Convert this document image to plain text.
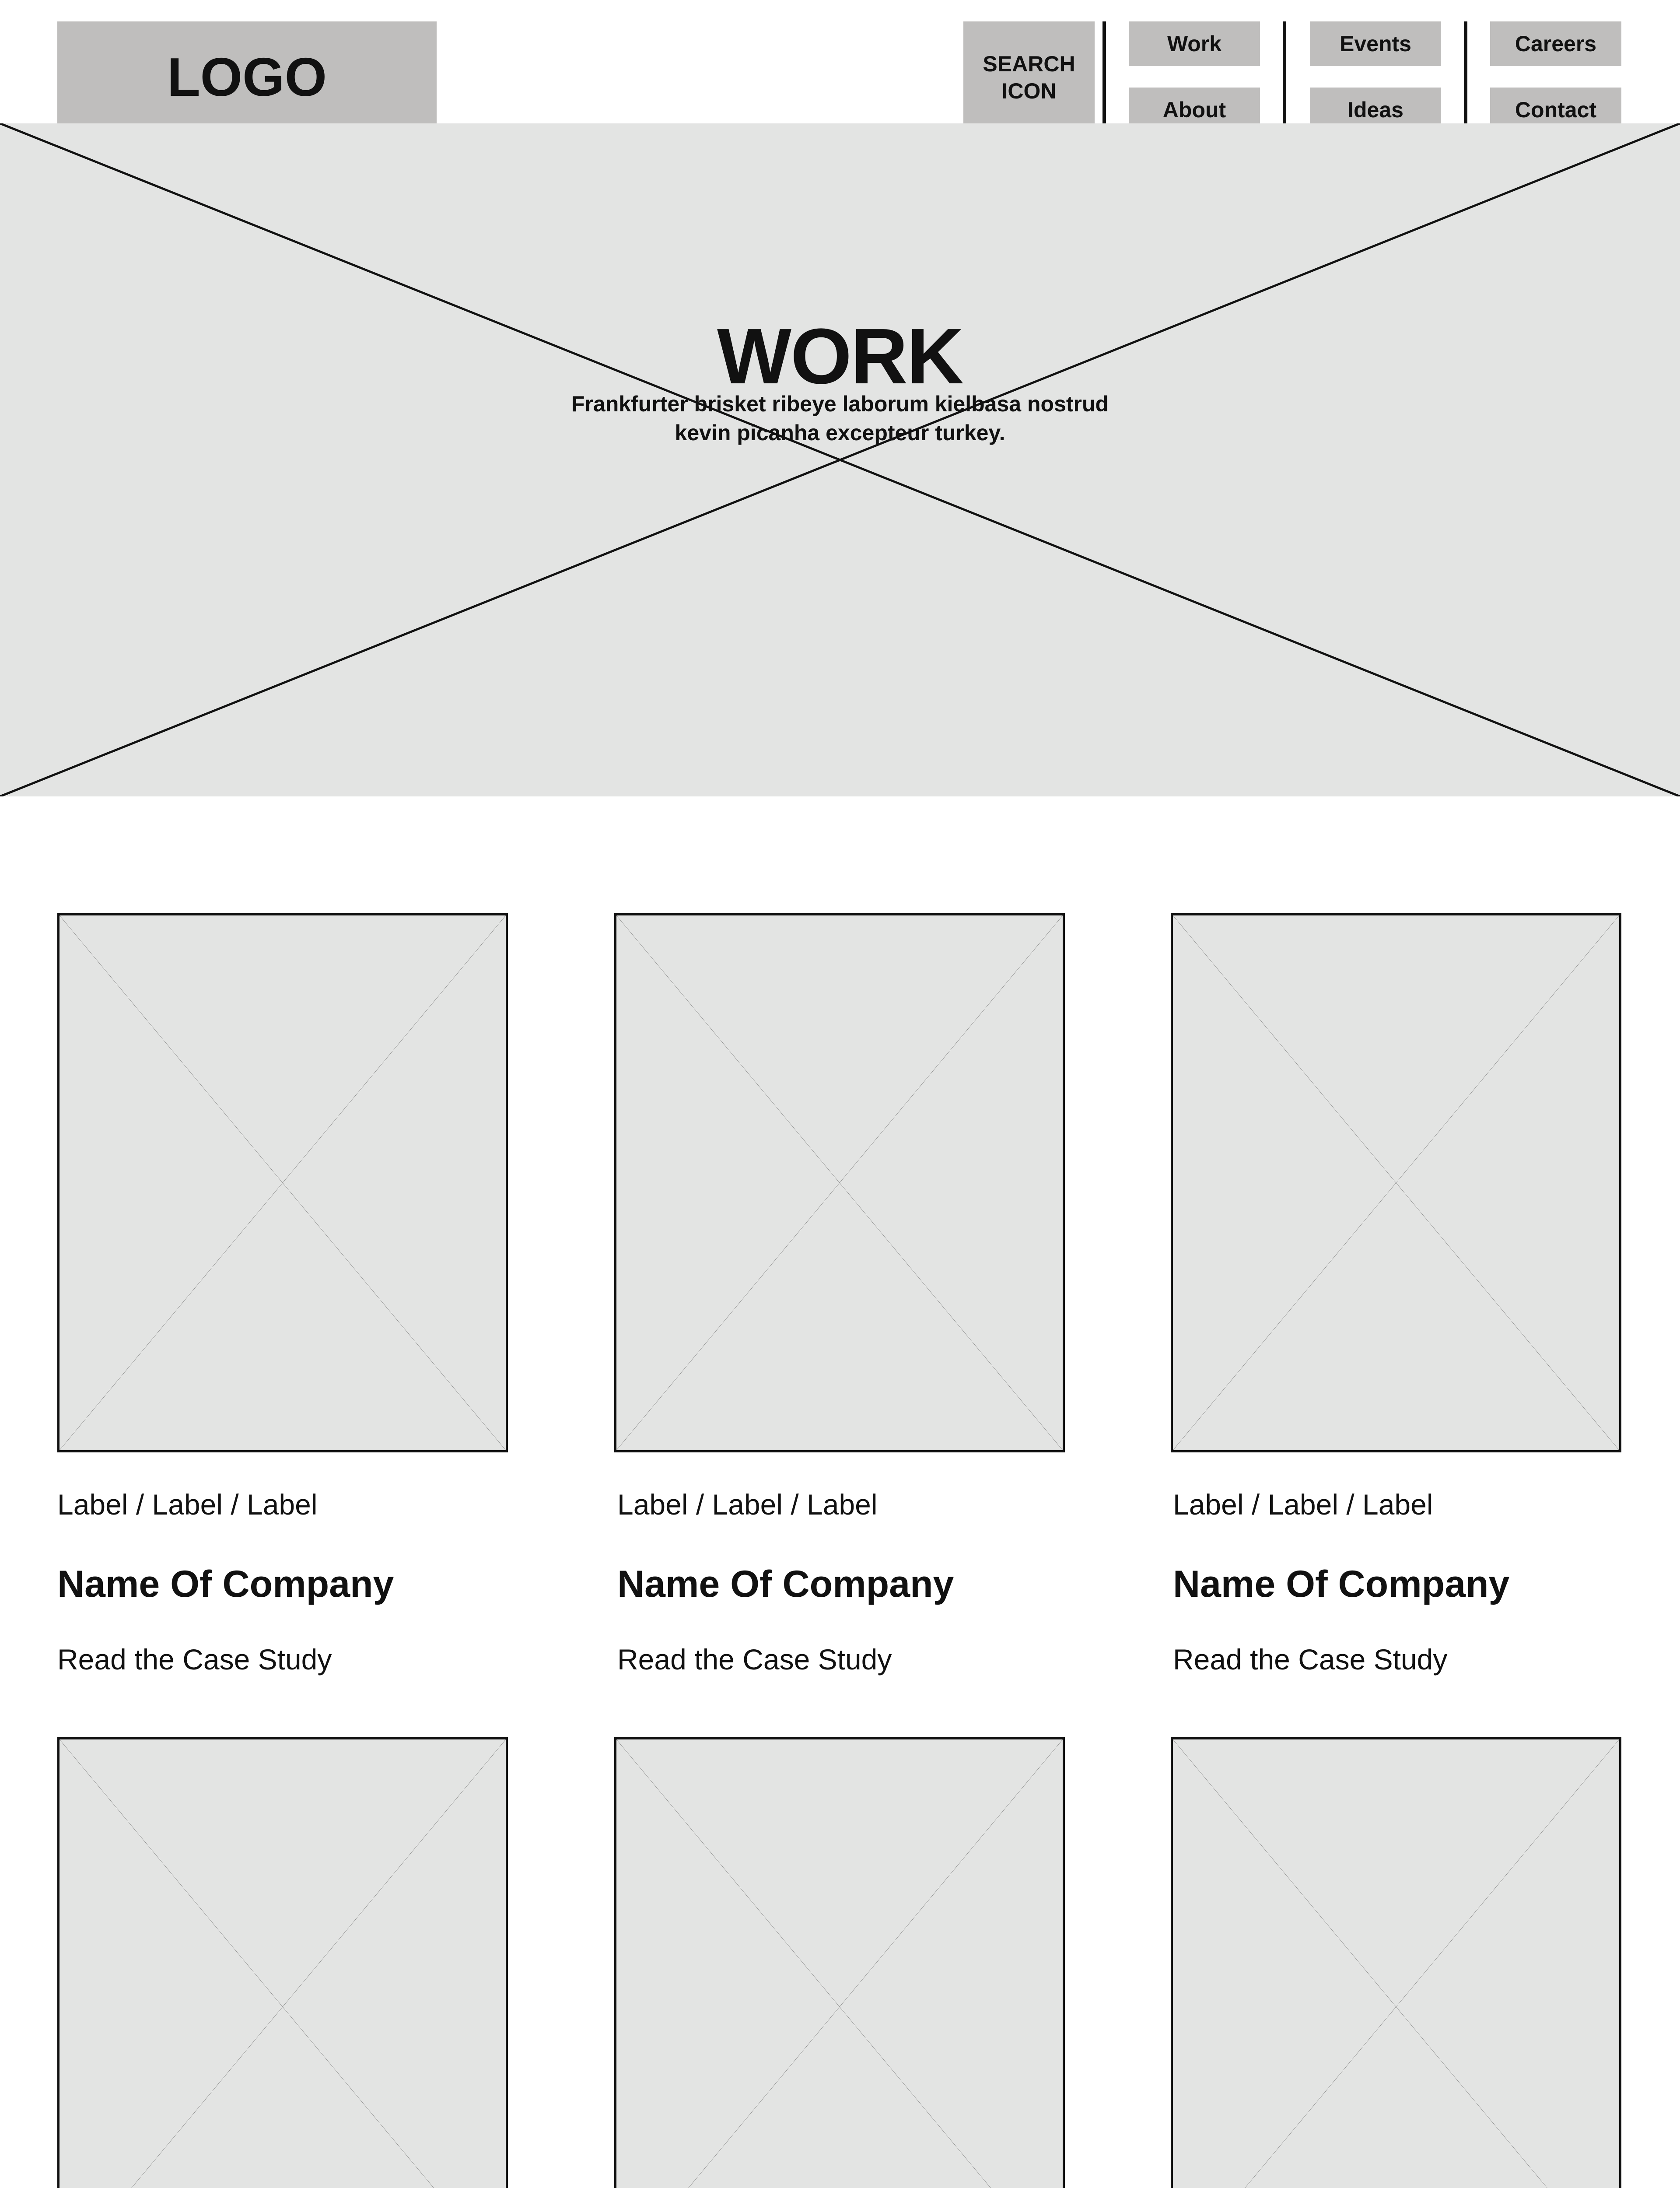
LOGO	SEARCH
ICON
Work
About
Events
Ideas
Careers
Contact
WORK
Frankfurter brisket ribeye laborum kielbasa nostrud kevin picanha excepteur turkey.
Label / Label / Label
Name Of Company
Read the Case Study
Label / Label / Label
Name Of Company
Read the Case Study
Label / Label / Label
Name Of Company
Read the Case Study
